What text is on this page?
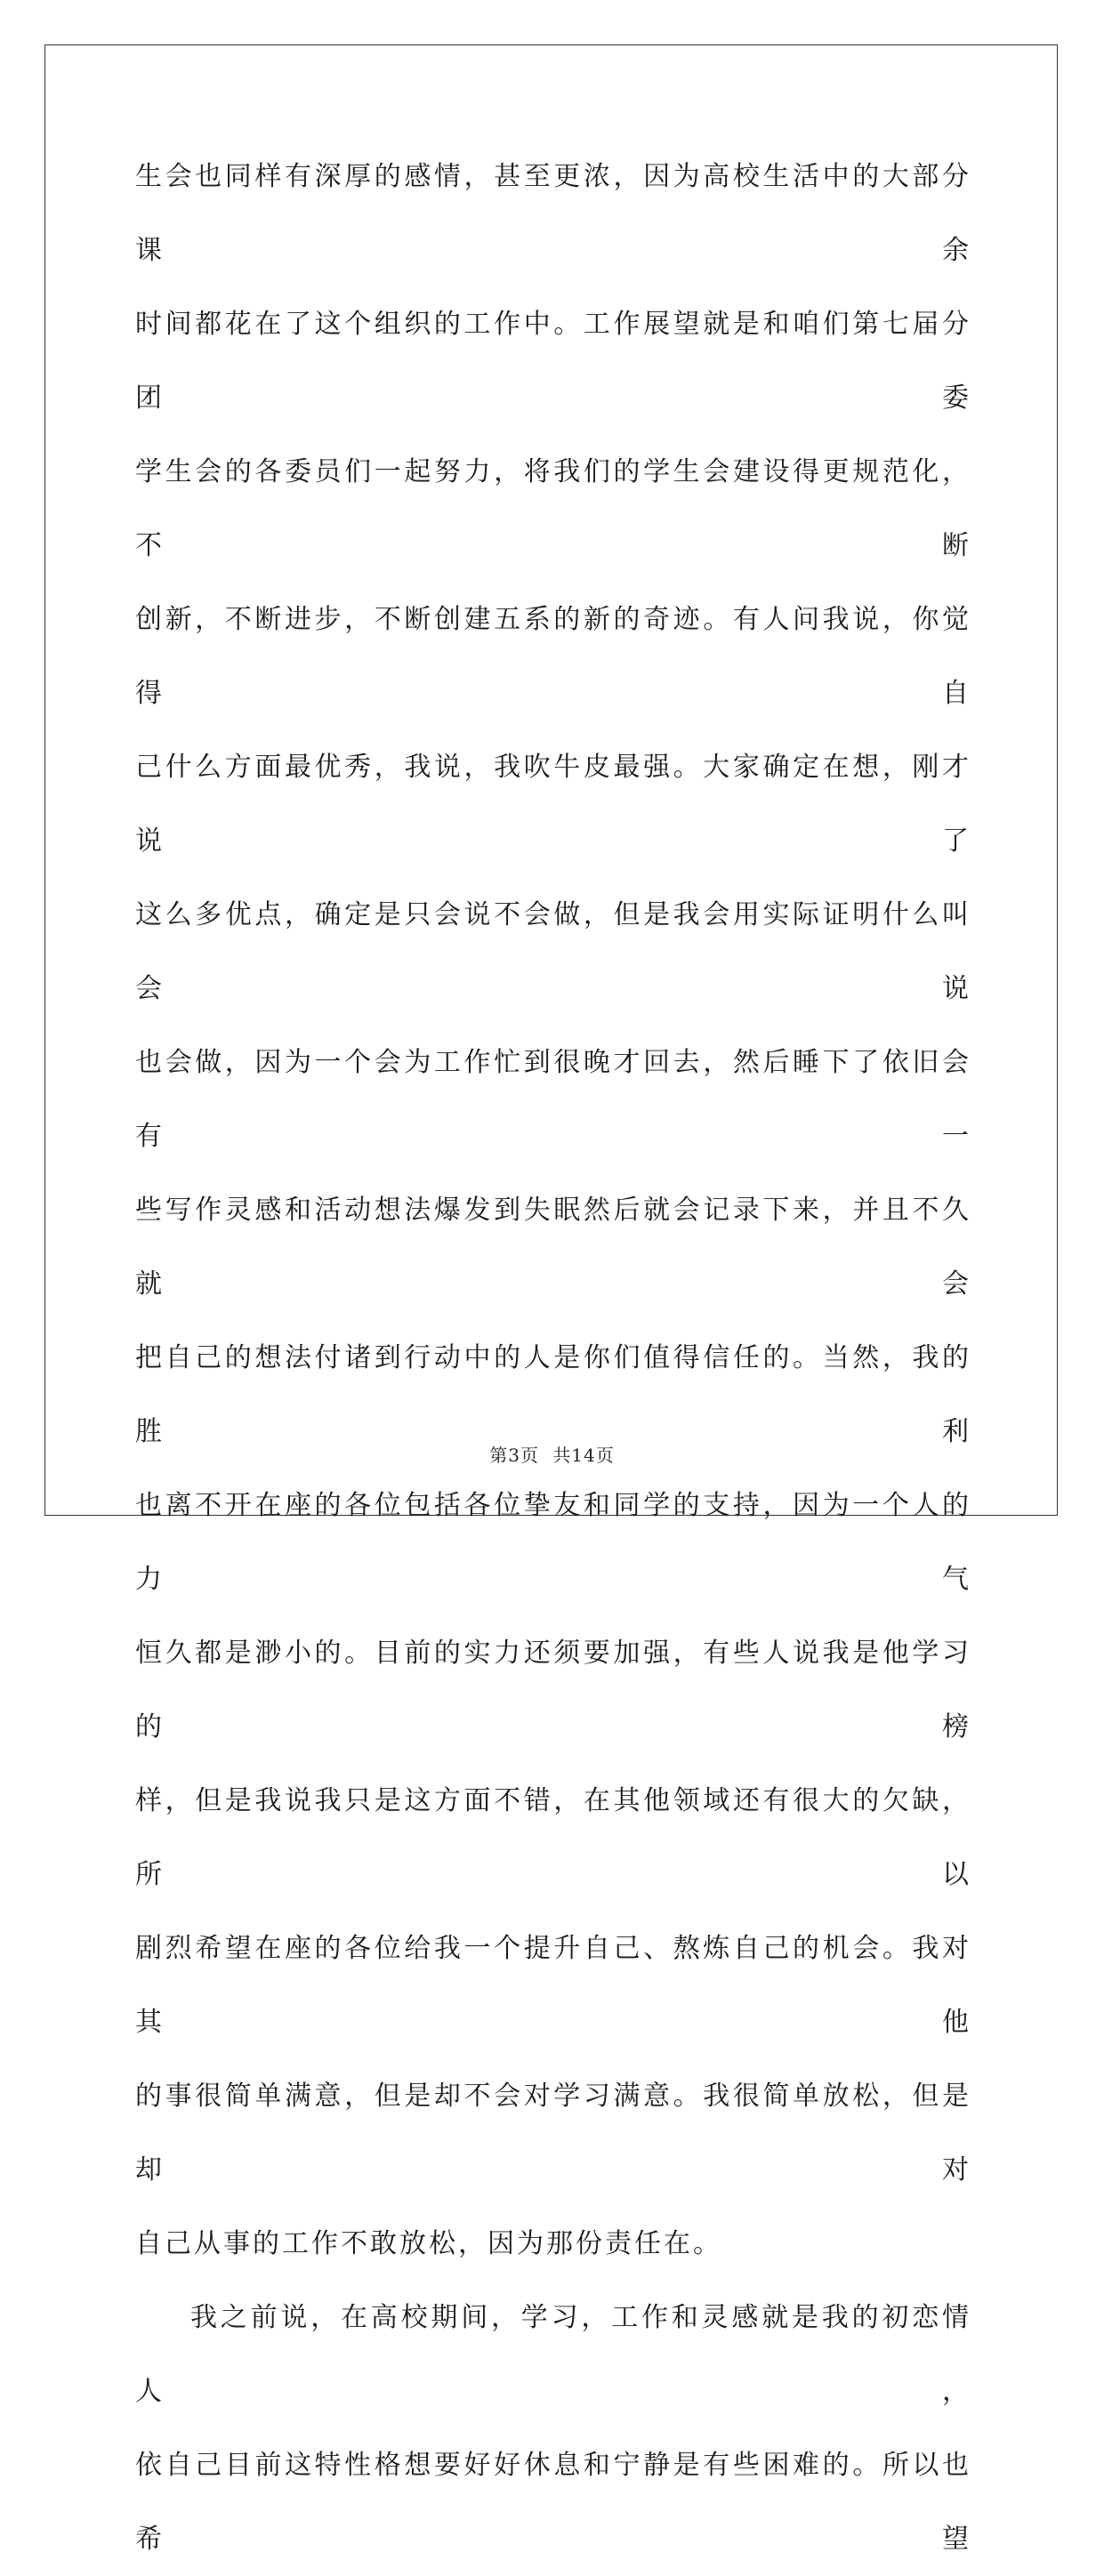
生会也同样有深厚的感情，甚至更浓，因为高校生活中的大部分课余

时间都花在了这个组织的工作中。工作展望就是和咱们第七届分团委

学生会的各委员们一起努力，将我们的学生会建设得更规范化，不断

创新，不断进步，不断创建五系的新的奇迹。有人问我说，你觉得自

己什么方面最优秀，我说，我吹牛皮最强。大家确定在想，刚才说了

这么多优点，确定是只会说不会做，但是我会用实际证明什么叫会说

也会做，因为一个会为工作忙到很晚才回去，然后睡下了依旧会有一

些写作灵感和活动想法爆发到失眠然后就会记录下来，并且不久就会

把自己的想法付诸到行动中的人是你们值得信任的。当然，我的胜利

也离不开在座的各位包括各位挚友和同学的支持，因为一个人的力气

恒久都是渺小的。目前的实力还须要加强，有些人说我是他学习的榜

样，但是我说我只是这方面不错，在其他领域还有很大的欠缺，所以

剧烈希望在座的各位给我一个提升自己、熬炼自己的机会。我对其他

的事很简单满意，但是却不会对学习满意。我很简单放松，但是却对

自己从事的工作不敢放松，因为那份责任在。

我之前说，在高校期间，学习，工作和灵感就是我的初恋情人，

依自己目前这特性格想要好好休息和宁静是有些困难的。所以也希望

第3页 共14页
